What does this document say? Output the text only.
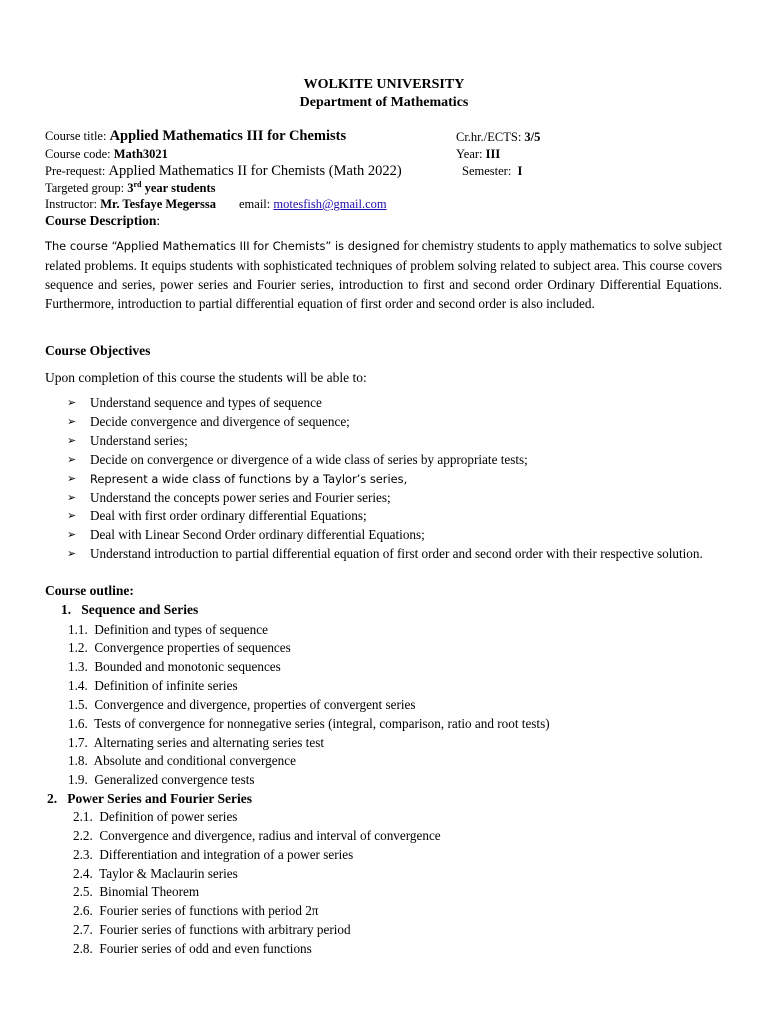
WOLKITE UNIVERSITY
Department of Mathematics
Course title: Applied Mathematics III for Chemists	Cr.hr./ECTS: 3/5
Course code: Math3021	Year: III
Pre-request: Applied Mathematics II for Chemists (Math 2022)	Semester: I
Targeted group: 3rd year students
Instructor: Mr. Tesfaye Megerssa email: motesfish@gmail.com
Course Description:
The course “Applied Mathematics III for Chemists” is designed for chemistry students to apply mathematics to solve subject related problems. It equips students with sophisticated techniques of problem solving related to subject area. This course covers sequence and series, power series and Fourier series, introduction to first and second order Ordinary Differential Equations. Furthermore, introduction to partial differential equation of first order and second order is also included.
Course Objectives
Upon completion of this course the students will be able to:
➢ Understand sequence and types of sequence
➢ Decide convergence and divergence of sequence;
➢ Understand series;
➢ Decide on convergence or divergence of a wide class of series by appropriate tests;
➢ Represent a wide class of functions by a Taylor’s series,
➢ Understand the concepts power series and Fourier series;
➢ Deal with first order ordinary differential Equations;
➢ Deal with Linear Second Order ordinary differential Equations;
➢ Understand introduction to partial differential equation of first order and second order with their respective solution.
Course outline:
1. Sequence and Series
1.1. Definition and types of sequence
1.2. Convergence properties of sequences
1.3. Bounded and monotonic sequences
1.4. Definition of infinite series
1.5. Convergence and divergence, properties of convergent series
1.6. Tests of convergence for nonnegative series (integral, comparison, ratio and root tests)
1.7. Alternating series and alternating series test
1.8. Absolute and conditional convergence
1.9. Generalized convergence tests
2. Power Series and Fourier Series
2.1. Definition of power series
2.2. Convergence and divergence, radius and interval of convergence
2.3. Differentiation and integration of a power series
2.4. Taylor & Maclaurin series
2.5. Binomial Theorem
2.6. Fourier series of functions with period 2π
2.7. Fourier series of functions with arbitrary period
2.8. Fourier series of odd and even functions
